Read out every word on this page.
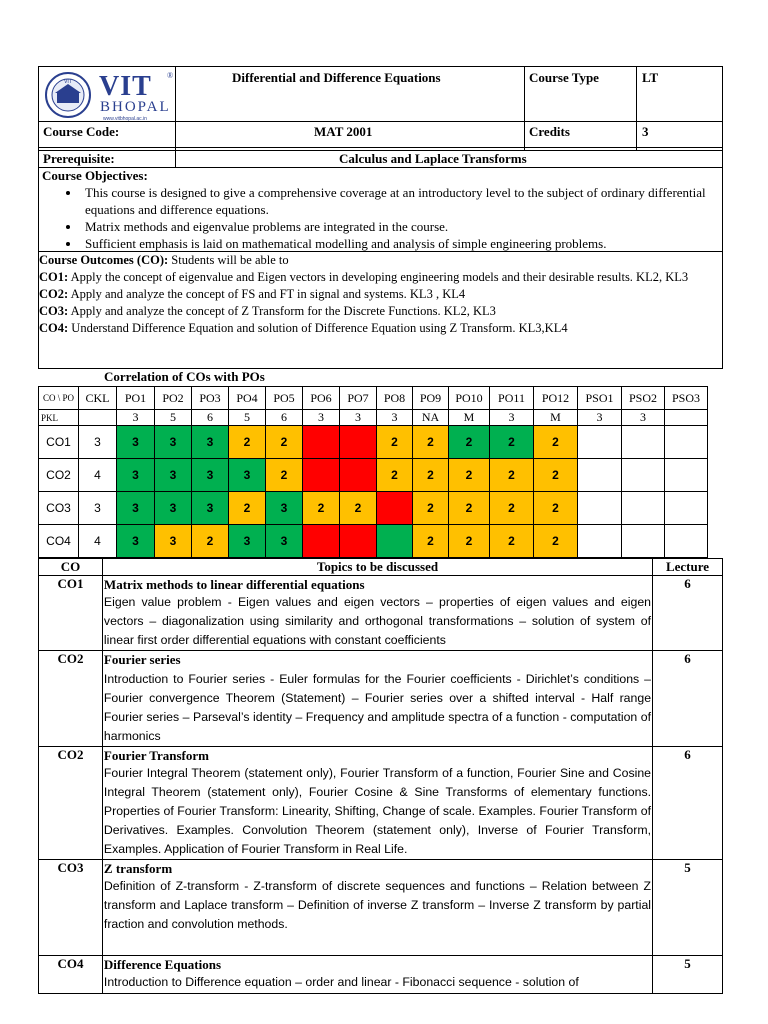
VIT VIT ®
BHOPAL
www.vitbhopal.ac.in
Differential and Difference Equations	Course Type	LT
Course Code:	MAT 2001	Credits	3
Prerequisite:	Calculus and Laplace Transforms
Course Objectives:
• This course is designed to give a comprehensive coverage at an introductory level to the subject of ordinary differential equations and difference equations.
• Matrix methods and eigenvalue problems are integrated in the course.
• Sufficient emphasis is laid on mathematical modelling and analysis of simple engineering problems.
Course Outcomes (CO): Students will be able to
CO1: Apply the concept of eigenvalue and Eigen vectors in developing engineering models and their desirable results. KL2, KL3
CO2: Apply and analyze the concept of FS and FT in signal and systems. KL3 , KL4
CO3: Apply and analyze the concept of Z Transform for the Discrete Functions. KL2, KL3
CO4: Understand Difference Equation and solution of Difference Equation using Z Transform. KL3,KL4
Correlation of COs with POs
CO \ PO	CKL	PO1	PO2	PO3	PO4	PO5	PO6	PO7	PO8	PO9	PO10	PO11	PO12	PSO1	PSO2	PSO3
PKL		3	5	6	5	6	3	3	3	NA	M	3	M	3	3	
CO1	3	3	3	3	2	2			2	2	2	2	2			
CO2	4	3	3	3	3	2			2	2	2	2	2			
CO3	3	3	3	3	2	3	2	2		2	2	2	2			
CO4	4	3	3	2	3	3				2	2	2	2			
CO	Topics to be discussed	Lecture
CO1	Matrix methods to linear differential equations
Eigen value problem - Eigen values and eigen vectors – properties of eigen values and eigen vectors – diagonalization using similarity and orthogonal transformations – solution of system of linear first order differential equations with constant coefficients	6
CO2	Fourier series
Introduction to Fourier series - Euler formulas for the Fourier coefficients - Dirichlet’s conditions – Fourier convergence Theorem (Statement) – Fourier series over a shifted interval - Half range Fourier series – Parseval’s identity – Frequency and amplitude spectra of a function - computation of harmonics	6
CO2	Fourier Transform
Fourier Integral Theorem (statement only), Fourier Transform of a function, Fourier Sine and Cosine Integral Theorem (statement only), Fourier Cosine & Sine Transforms of elementary functions. Properties of Fourier Transform: Linearity, Shifting, Change of scale. Examples. Fourier Transform of Derivatives. Examples. Convolution Theorem (statement only), Inverse of Fourier Transform, Examples. Application of Fourier Transform in Real Life.	6
CO3	Z transform
Definition of Z-transform - Z-transform of discrete sequences and functions – Relation between Z transform and Laplace transform – Definition of inverse Z transform – Inverse Z transform by partial fraction and convolution methods.	5
CO4	Difference Equations
Introduction to Difference equation – order and linear - Fibonacci sequence - solution of	5
